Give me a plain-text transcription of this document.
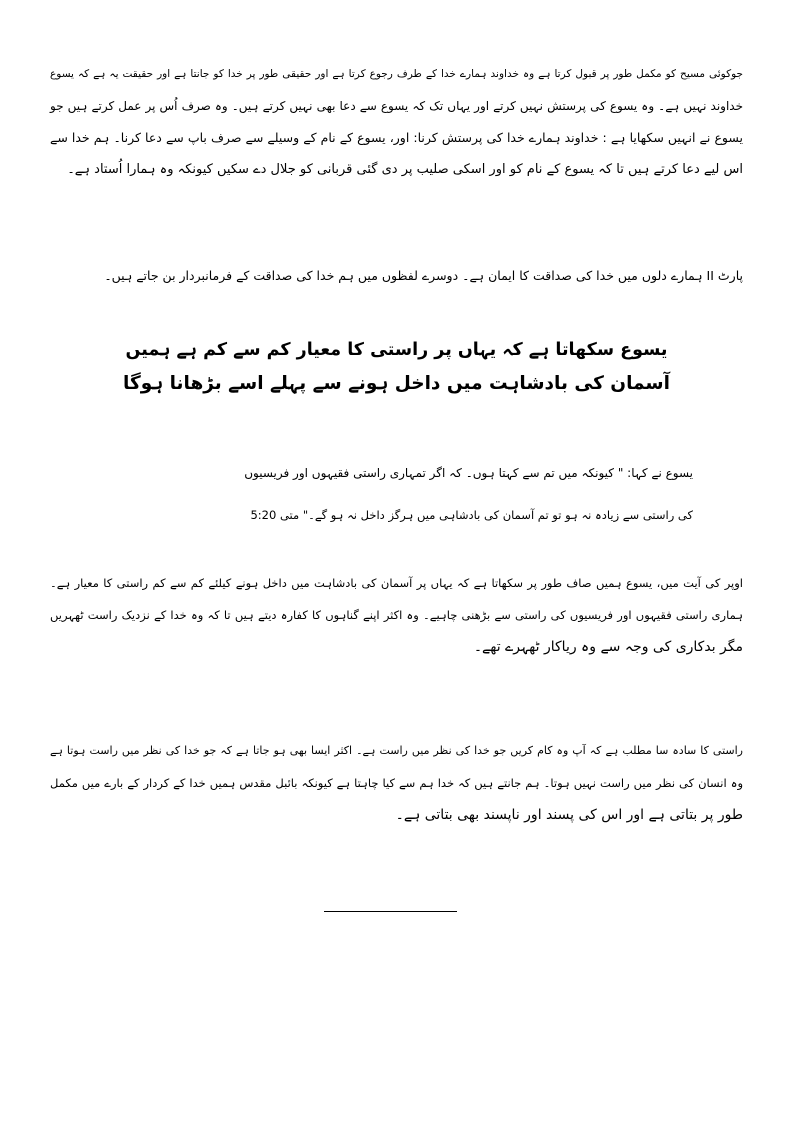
جوکوئی مسیح کو مکمل طور پر قبول کرتا ہے وہ خداوند ہمارے خدا کے طرف رجوع کرتا ہے اور حقیقی طور پر خدا کو جانتا ہے اور حقیقت یہ ہے کہ یسوع
خداوند نہیں ہے۔ وہ یسوع کی پرستش نہیں کرتے اور یہاں تک کہ یسوع سے دعا بھی نہیں کرتے ہیں۔ وہ صرف اُس پر عمل کرتے ہیں جو
یسوع نے انہیں سکھایا ہے : خداوند ہمارے خدا کی پرستش کرنا: اور، یسوع کے نام کے وسیلے سے صرف باپ سے دعا کرنا۔ ہم خدا سے
اس لیے دعا کرتے ہیں تا کہ یسوع کے نام کو اور اسکی صلیب پر دی گئی قربانی کو جلال دے سکیں کیونکہ وہ ہمارا اُستاد ہے۔
پارٹ II ہمارے دلوں میں خدا کی صداقت کا ایمان ہے۔ دوسرے لفظوں میں ہم خدا کی صداقت کے فرمانبردار بن جاتے ہیں۔
یسوع سکھاتا ہے کہ یہاں پر راستی کا معیار کم سے کم ہے ہمیں
آسمان کی بادشاہت میں داخل ہونے سے پہلے اسے بڑھانا ہوگا
یسوع نے کہا: " کیونکہ میں تم سے کہتا ہوں۔ کہ اگر تمہاری راستی فقیہوں اور فریسیوں
کی راستی سے زیادہ نہ ہو تو تم آسمان کی بادشاہی میں ہرگز داخل نہ ہو گے۔" متی 5:20
اوپر کی آیت میں، یسوع ہمیں صاف طور پر سکھاتا ہے کہ یہاں پر آسمان کی بادشاہت میں داخل ہونے کیلئے کم سے کم راستی کا معیار ہے۔
ہماری راستی فقیہوں اور فریسیوں کی راستی سے بڑھنی چاہیے۔ وہ اکثر اپنے گناہوں کا کفارہ دیتے ہیں تا کہ وہ خدا کے نزدیک راست ٹھہریں
مگر بدکاری کی وجہ سے وہ ریاکار ٹھہرے تھے۔
راستی کا سادہ سا مطلب ہے کہ آپ وہ کام کریں جو خدا کی نظر میں راست ہے۔ اکثر ایسا بھی ہو جاتا ہے کہ جو خدا کی نظر میں راست ہوتا ہے
وہ انسان کی نظر میں راست نہیں ہوتا۔ ہم جانتے ہیں کہ خدا ہم سے کیا چاہتا ہے کیونکہ بائبل مقدس ہمیں خدا کے کردار کے بارے میں مکمل
طور پر بتاتی ہے اور اس کی پسند اور ناپسند بھی بتاتی ہے۔
